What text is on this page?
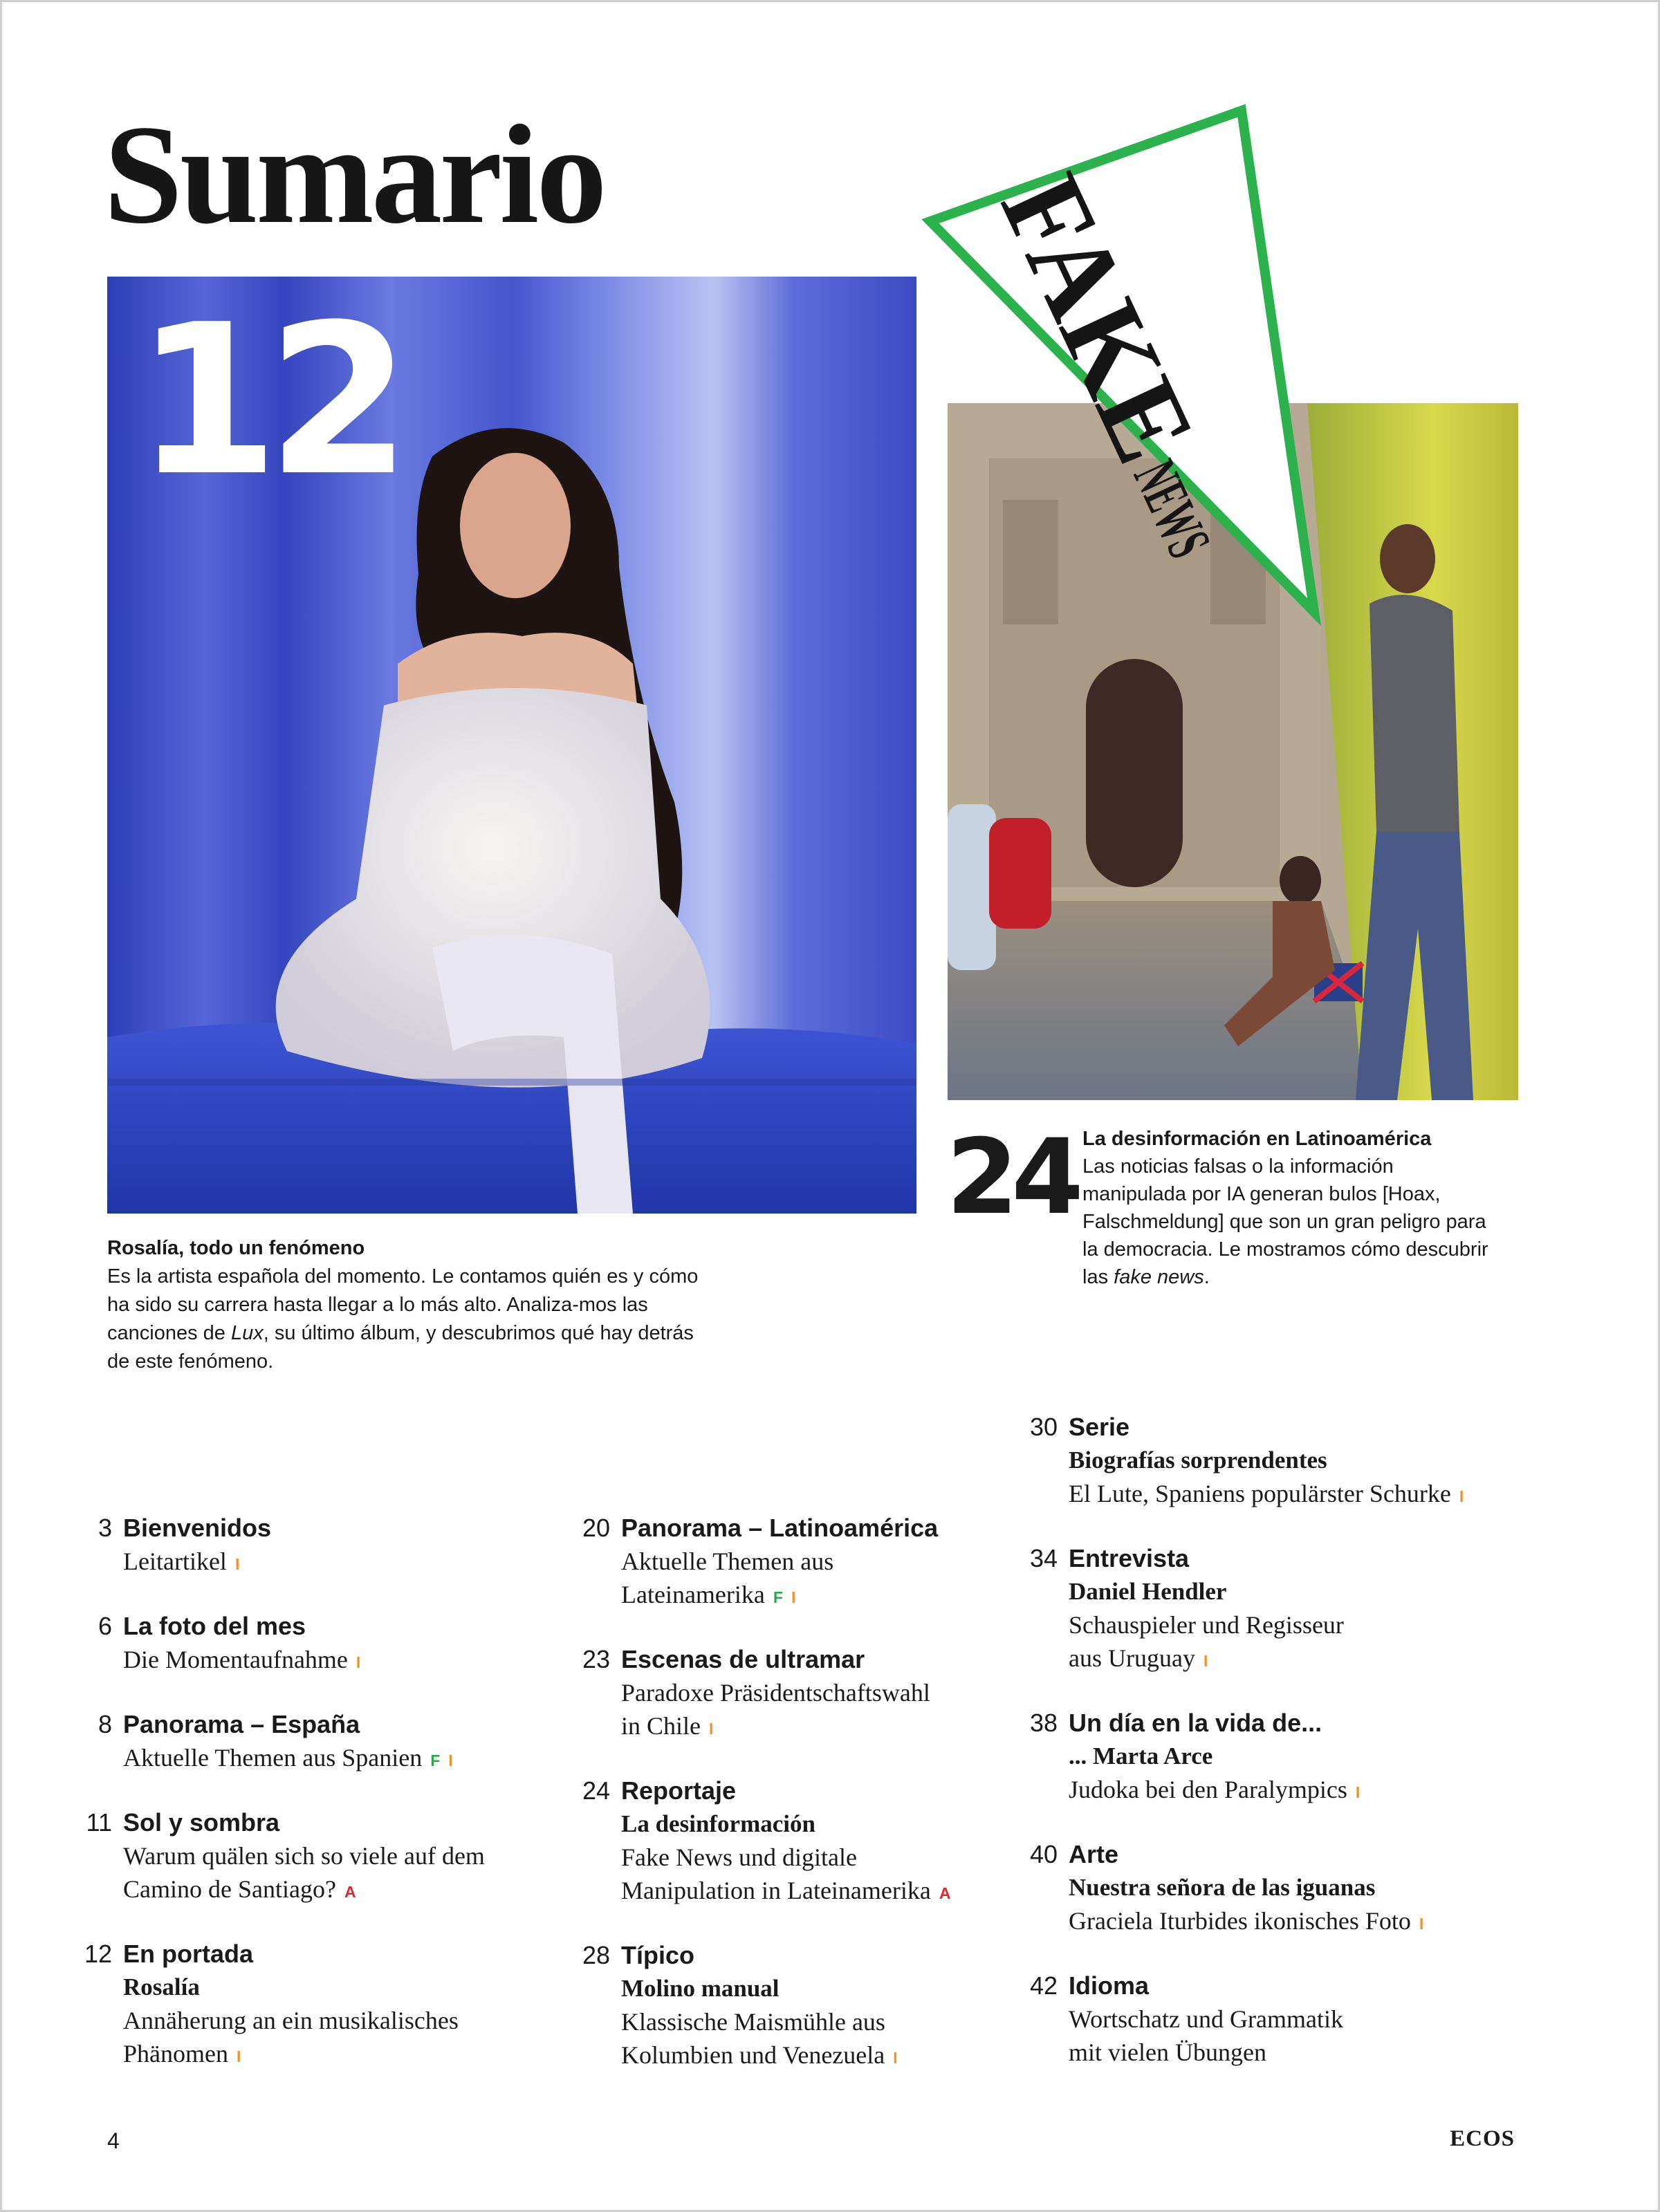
Sumario
12	FAKE
NEWS
Rosalía, todo un fenómeno
Es la artista española del momento. Le contamos quién es y cómo ha sido su carrera hasta llegar a lo más alto. Analiza-mos las canciones de Lux, su último álbum, y descubrimos qué hay detrás de este fenómeno.
24 La desinformación en Latinoamérica
Las noticias falsas o la información manipulada por IA generan bulos [Hoax, Falschmeldung] que son un gran peligro para la democracia. Le mostramos cómo descubrir las fake news.
3 Bienvenidos
Leitartikel I
6 La foto del mes
Die Momentaufnahme I
8 Panorama – España
Aktuelle Themen aus Spanien F I
11 Sol y sombra
Warum quälen sich so viele auf dem
Camino de Santiago? A
12 En portada
Rosalía
Annäherung an ein musikalisches
Phänomen I
20 Panorama – Latinoamérica
Aktuelle Themen aus
Lateinamerika F I
23 Escenas de ultramar
Paradoxe Präsidentschaftswahl
in Chile I
24 Reportaje
La desinformación
Fake News und digitale
Manipulation in Lateinamerika A
28 Típico
Molino manual
Klassische Maismühle aus
Kolumbien und Venezuela I
30 Serie
Biografías sorprendentes
El Lute, Spaniens populärster Schurke I
34 Entrevista
Daniel Hendler
Schauspieler und Regisseur
aus Uruguay I
38 Un día en la vida de...
... Marta Arce
Judoka bei den Paralympics I
40 Arte
Nuestra señora de las iguanas
Graciela Iturbides ikonisches Foto I
42 Idioma
Wortschatz und Grammatik
mit vielen Übungen
4	ECOS
